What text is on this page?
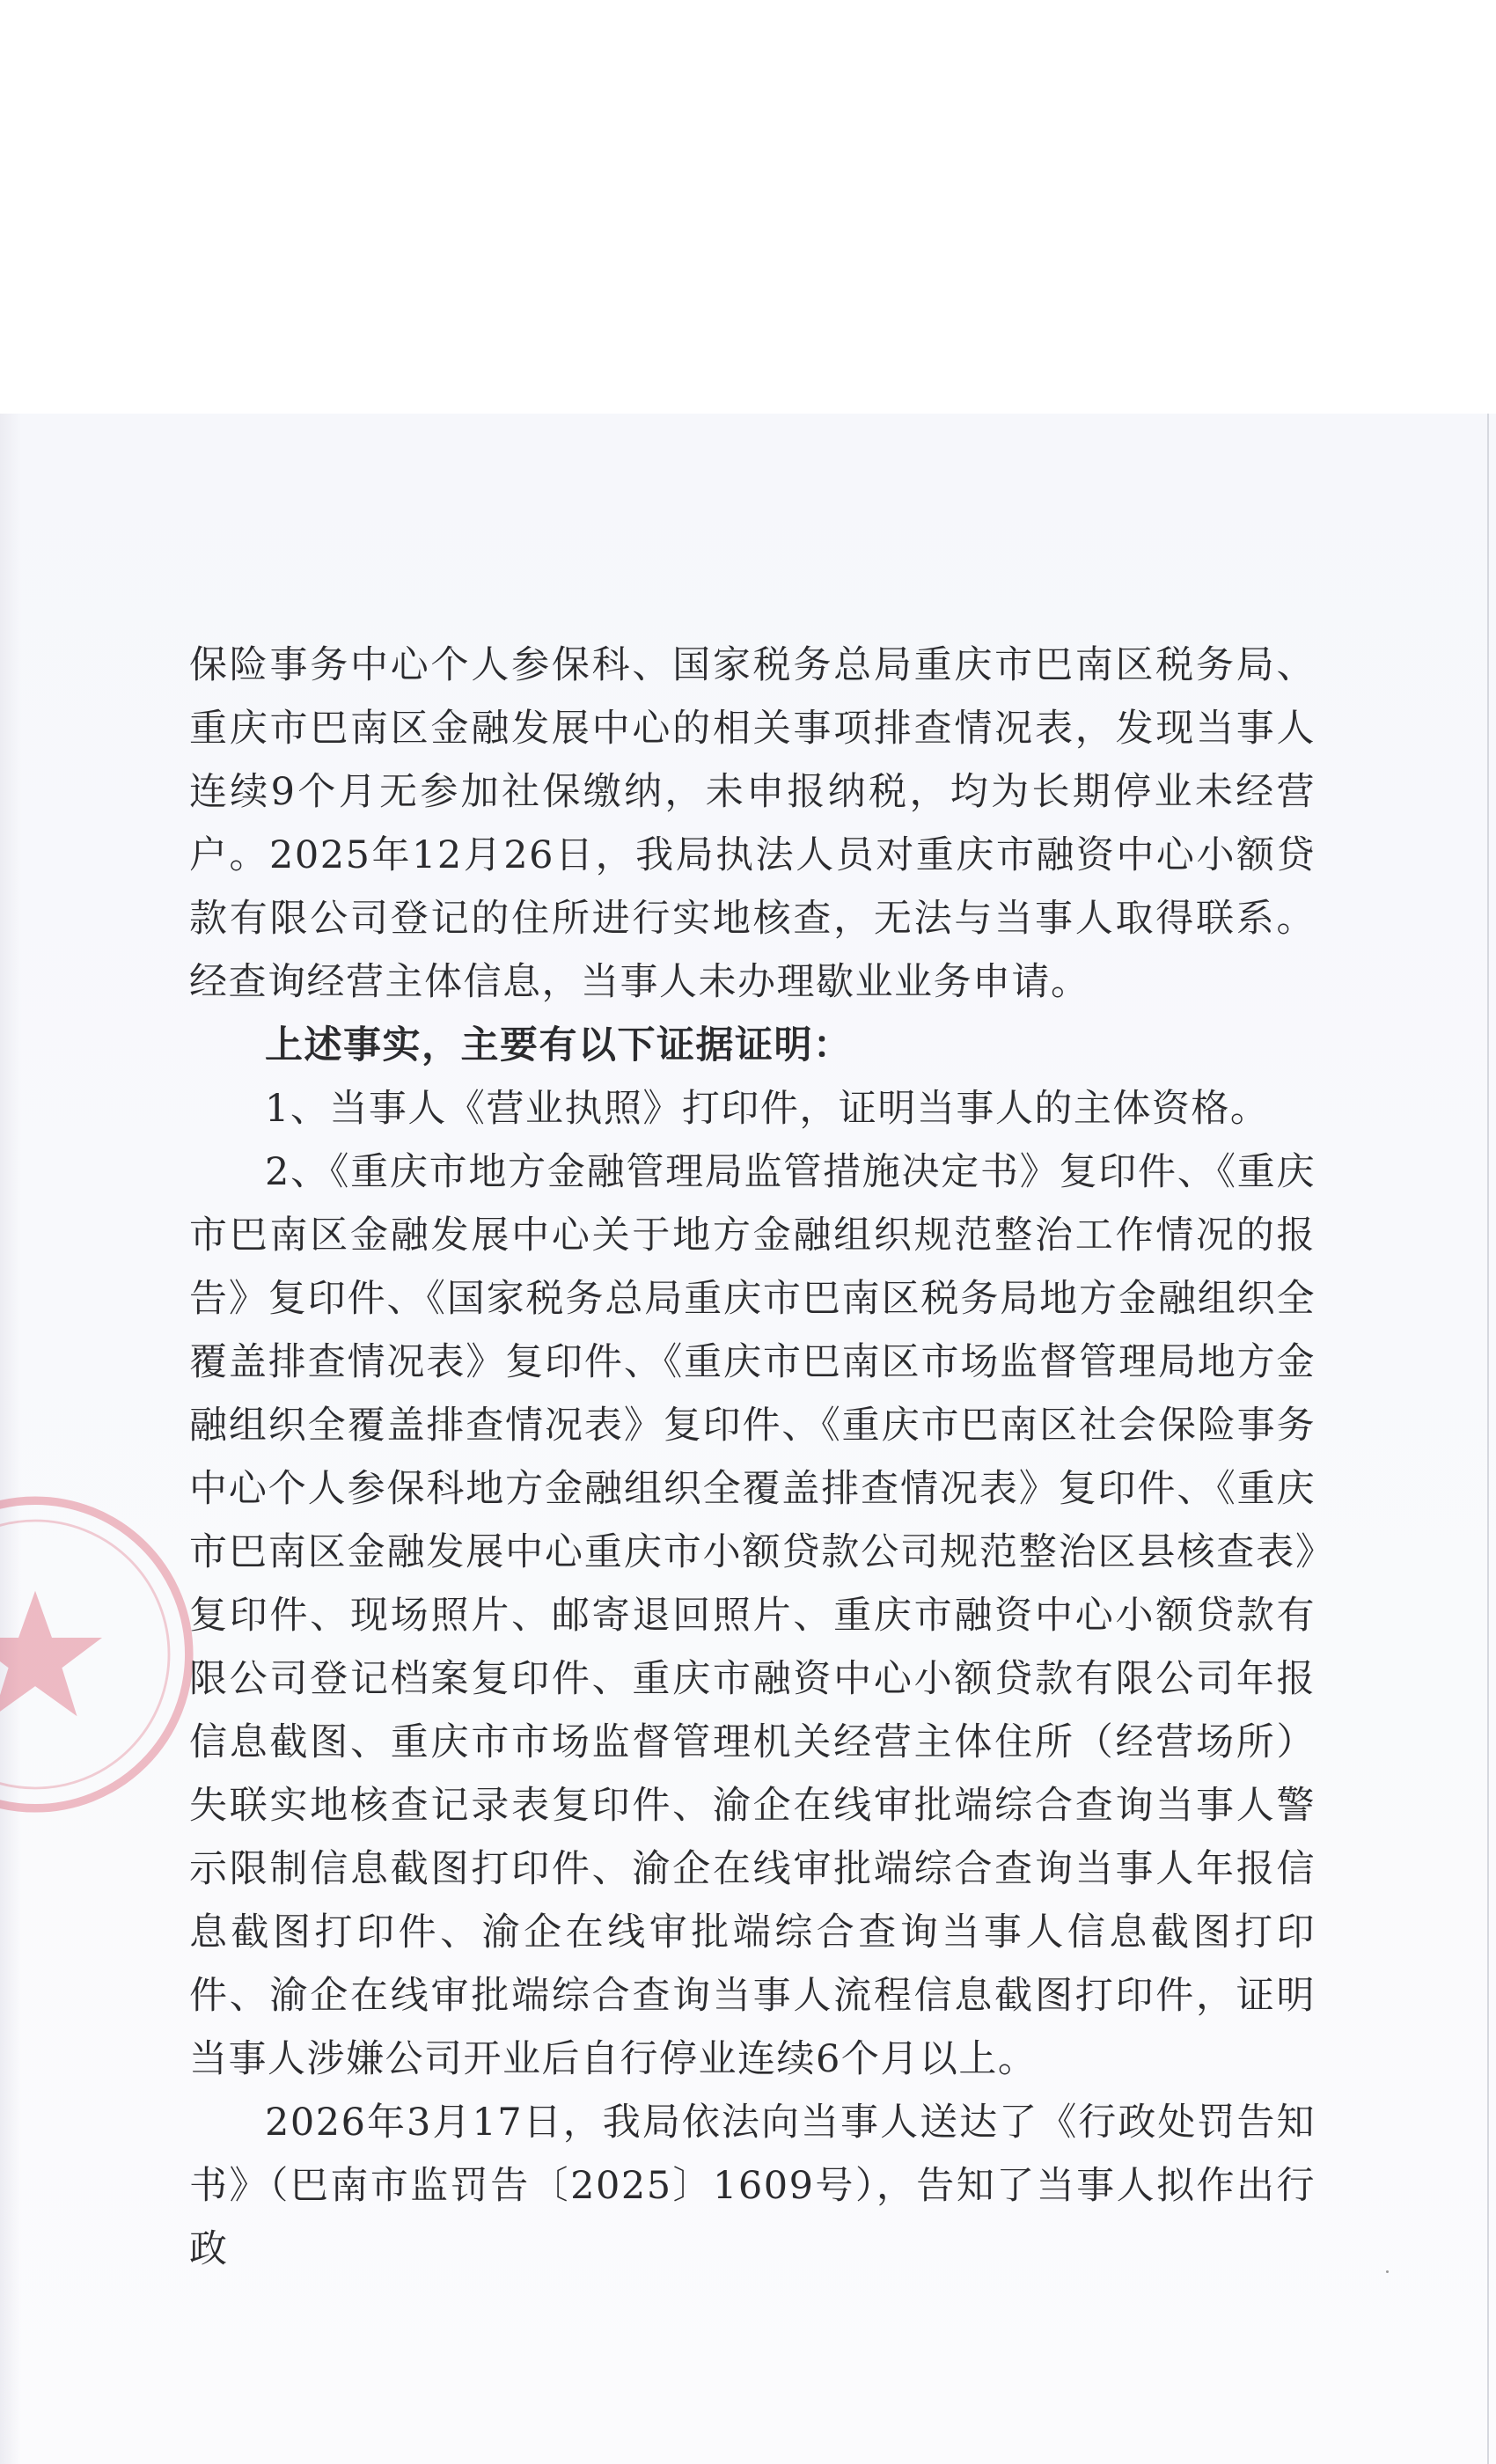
保险事务中心个人参保科、国家税务总局重庆市巴南区税务局、重庆市巴南区金融发展中心的相关事项排查情况表，发现当事人连续9个月无参加社保缴纳，未申报纳税，均为长期停业未经营户。2025年12月26日，我局执法人员对重庆市融资中心小额贷款有限公司登记的住所进行实地核查，无法与当事人取得联系。经查询经营主体信息，当事人未办理歇业业务申请。

上述事实，主要有以下证据证明：

1、当事人《营业执照》打印件，证明当事人的主体资格。

2、《重庆市地方金融管理局监管措施决定书》复印件、《重庆市巴南区金融发展中心关于地方金融组织规范整治工作情况的报告》复印件、《国家税务总局重庆市巴南区税务局地方金融组织全覆盖排查情况表》复印件、《重庆市巴南区市场监督管理局地方金融组织全覆盖排查情况表》复印件、《重庆市巴南区社会保险事务中心个人参保科地方金融组织全覆盖排查情况表》复印件、《重庆市巴南区金融发展中心重庆市小额贷款公司规范整治区县核查表》复印件、现场照片、邮寄退回照片、重庆市融资中心小额贷款有限公司登记档案复印件、重庆市融资中心小额贷款有限公司年报信息截图、重庆市市场监督管理机关经营主体住所（经营场所）失联实地核查记录表复印件、渝企在线审批端综合查询当事人警示限制信息截图打印件、渝企在线审批端综合查询当事人年报信息截图打印件、渝企在线审批端综合查询当事人信息截图打印件、渝企在线审批端综合查询当事人流程信息截图打印件，证明当事人涉嫌公司开业后自行停业连续6个月以上。

2026年3月17日，我局依法向当事人送达了《行政处罚告知书》（巴南市监罚告〔2025〕1609号），告知了当事人拟作出行政
